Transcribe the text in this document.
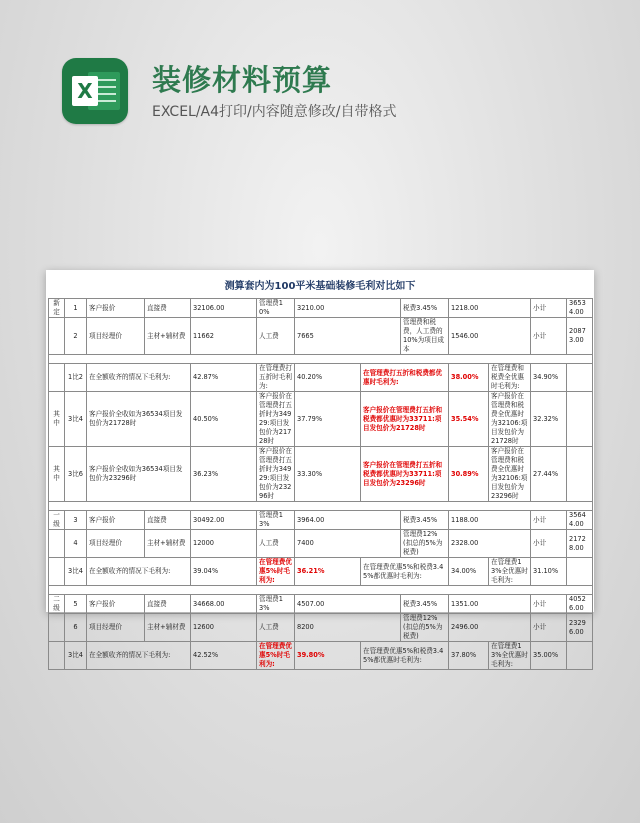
X 装修材料预算
EXCEL/A4打印/内容随意修改/自带格式
测算套内为100平米基础装修毛利对比如下
新定	1	客户报价	直接费	32106.00	管理费10%	3210.00		税费3.45%	1218.00		小计	36534.00
	2	项目经理价	主材+辅材费	11662	人工费	7665		管理费和税费，人工费的10%为项目成本	1546.00		小计	20873.00

	1比2	在全额收齐的情况下毛利为:		42.87%	在管理费打五折时毛利为:	40.20%	在管理费打五折和税费都优惠时毛利为:		38.00%	在管理费和税费全优惠时毛利为:	34.90%	
其中	3比4	客户报价全收如为36534项目发包价为21728时		40.50%	客户报价在管理费打五折时为34929:项目发包价为21728时	37.79%	客户报价在管理费打五折和税费都优惠时为33711:项目发包价为21728时		35.54%	客户报价在管理费和税费全优惠时为32106:项目发包价为21728时	32.32%	
其中	3比6	客户报价全收如为36534项目发包价为23296时		36.23%	客户报价在管理费打五折时为34929:项目发包价为23296时	33.30%	客户报价在管理费打五折和税费都优惠时为33711:项目发包价为23296时		30.89%	客户报价在管理费和税费全优惠时为32106:项目发包价为23296时	27.44%	

一级	3	客户报价	直接费	30492.00	管理费13%	3964.00		税费3.45%	1188.00		小计	35644.00
	4	项目经理价	主材+辅材费	12000	人工费	7400		管理费12%(扣总的5%为税费)	2328.00		小计	21728.00
	3比4	在全额收齐的情况下毛利为:		39.04%	在管理费优惠5%时毛利为:	36.21%	在管理费优惠5%和税费3.45%都优惠时毛利为:		34.00%	在管理费13%全优惠时毛利为:	31.10%	

二级	5	客户报价	直接费	34668.00	管理费13%	4507.00		税费3.45%	1351.00		小计	40526.00
	6	项目经理价	主材+辅材费	12600	人工费	8200		管理费12%(扣总的5%为税费)	2496.00		小计	23296.00
	3比4	在全额收齐的情况下毛利为:		42.52%	在管理费优惠5%时毛利为:	39.80%	在管理费优惠5%和税费3.45%都优惠时毛利为:		37.80%	在管理费13%全优惠时毛利为:	35.00%	
